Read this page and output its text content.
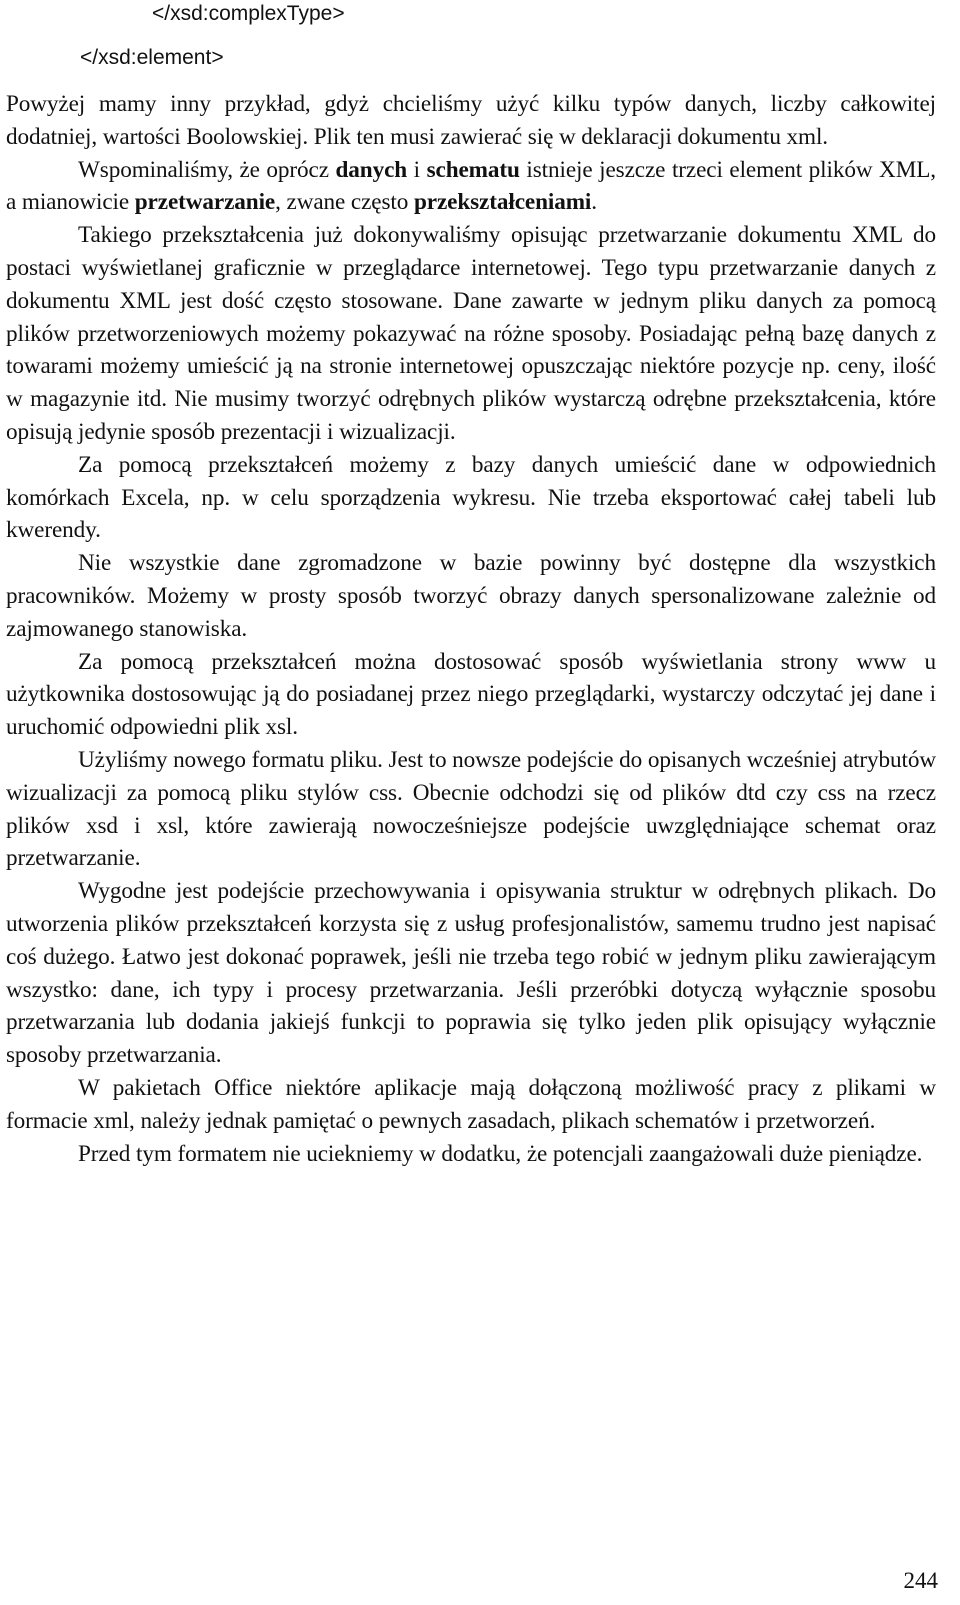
</xsd:complexType>

</xsd:element>

Powyżej mamy inny przykład, gdyż chcieliśmy użyć kilku typów danych, liczby całkowitej dodatniej, wartości Boolowskiej. Plik ten musi zawierać się w deklaracji dokumentu xml.

Wspominaliśmy, że oprócz danych i schematu istnieje jeszcze trzeci element plików XML, a mianowicie przetwarzanie, zwane często przekształceniami.

Takiego przekształcenia już dokonywaliśmy opisując przetwarzanie dokumentu XML do postaci wyświetlanej graficznie w przeglądarce internetowej. Tego typu przetwarzanie danych z dokumentu XML jest dość często stosowane. Dane zawarte w jednym pliku danych za pomocą plików przetworzeniowych możemy pokazywać na różne sposoby. Posiadając pełną bazę danych z towarami możemy umieścić ją na stronie internetowej opuszczając niektóre pozycje np. ceny, ilość w magazynie itd. Nie musimy tworzyć odrębnych plików wystarczą odrębne przekształcenia, które opisują jedynie sposób prezentacji i wizualizacji.

Za pomocą przekształceń możemy z bazy danych umieścić dane w odpowiednich komórkach Excela, np. w celu sporządzenia wykresu. Nie trzeba eksportować całej tabeli lub kwerendy.

Nie wszystkie dane zgromadzone w bazie powinny być dostępne dla wszystkich pracowników. Możemy w prosty sposób tworzyć obrazy danych spersonalizowane zależnie od zajmowanego stanowiska.

Za pomocą przekształceń można dostosować sposób wyświetlania strony www u użytkownika dostosowując ją do posiadanej przez niego przeglądarki, wystarczy odczytać jej dane i uruchomić odpowiedni plik xsl.

Użyliśmy nowego formatu pliku. Jest to nowsze podejście do opisanych wcześniej atrybutów wizualizacji za pomocą pliku stylów css. Obecnie odchodzi się od plików dtd czy css na rzecz plików xsd i xsl, które zawierają nowocześniejsze podejście uwzględniające schemat oraz przetwarzanie.

Wygodne jest podejście przechowywania i opisywania struktur w odrębnych plikach. Do utworzenia plików przekształceń korzysta się z usług profesjonalistów, samemu trudno jest napisać coś dużego. Łatwo jest dokonać poprawek, jeśli nie trzeba tego robić w jednym pliku zawierającym wszystko: dane, ich typy i procesy przetwarzania. Jeśli przeróbki dotyczą wyłącznie sposobu przetwarzania lub dodania jakiejś funkcji to poprawia się tylko jeden plik opisujący wyłącznie sposoby przetwarzania.

W pakietach Office niektóre aplikacje mają dołączoną możliwość pracy z plikami w formacie xml, należy jednak pamiętać o pewnych zasadach, plikach schematów i przetworzeń.

Przed tym formatem nie uciekniemy w dodatku, że potencjali zaangażowali duże pieniądze.

244
